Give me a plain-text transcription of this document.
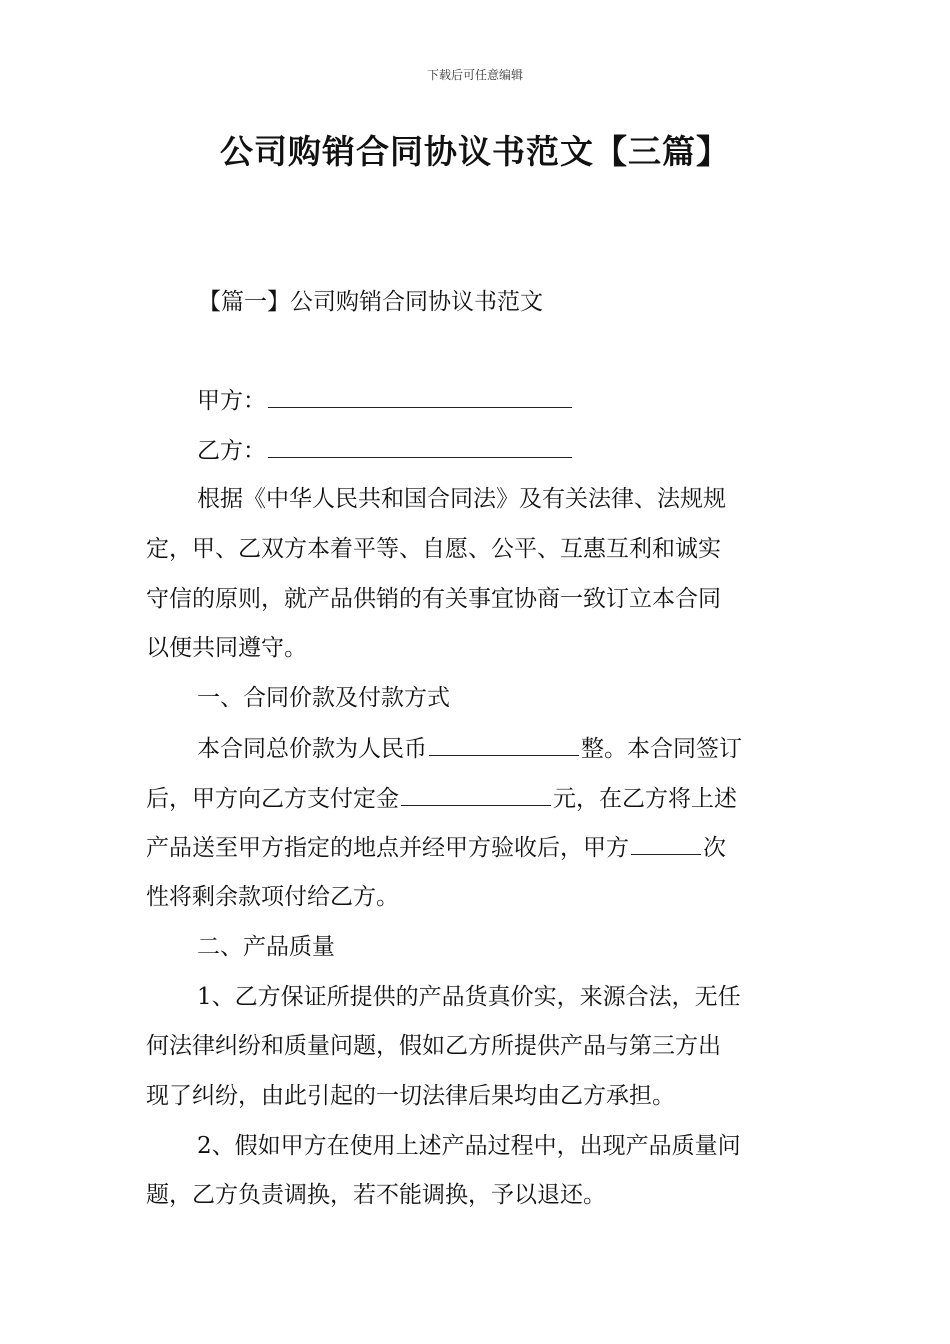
下载后可任意编辑
公司购销合同协议书范文【三篇】
【篇一】公司购销合同协议书范文
甲方：
乙方：
根据《中华人民共和国合同法》及有关法律、法规规
定，甲、乙双方本着平等、自愿、公平、互惠互利和诚实
守信的原则，就产品供销的有关事宜协商一致订立本合同
以便共同遵守。
一、合同价款及付款方式
本合同总价款为人民币	整。本合同签订
后，甲方向乙方支付定金	元，在乙方将上述
产品送至甲方指定的地点并经甲方验收后，甲方	次
性将剩余款项付给乙方。
二、产品质量
1、乙方保证所提供的产品货真价实，来源合法，无任
何法律纠纷和质量问题，假如乙方所提供产品与第三方出
现了纠纷，由此引起的一切法律后果均由乙方承担。
2、假如甲方在使用上述产品过程中，出现产品质量问
题，乙方负责调换，若不能调换，予以退还。
